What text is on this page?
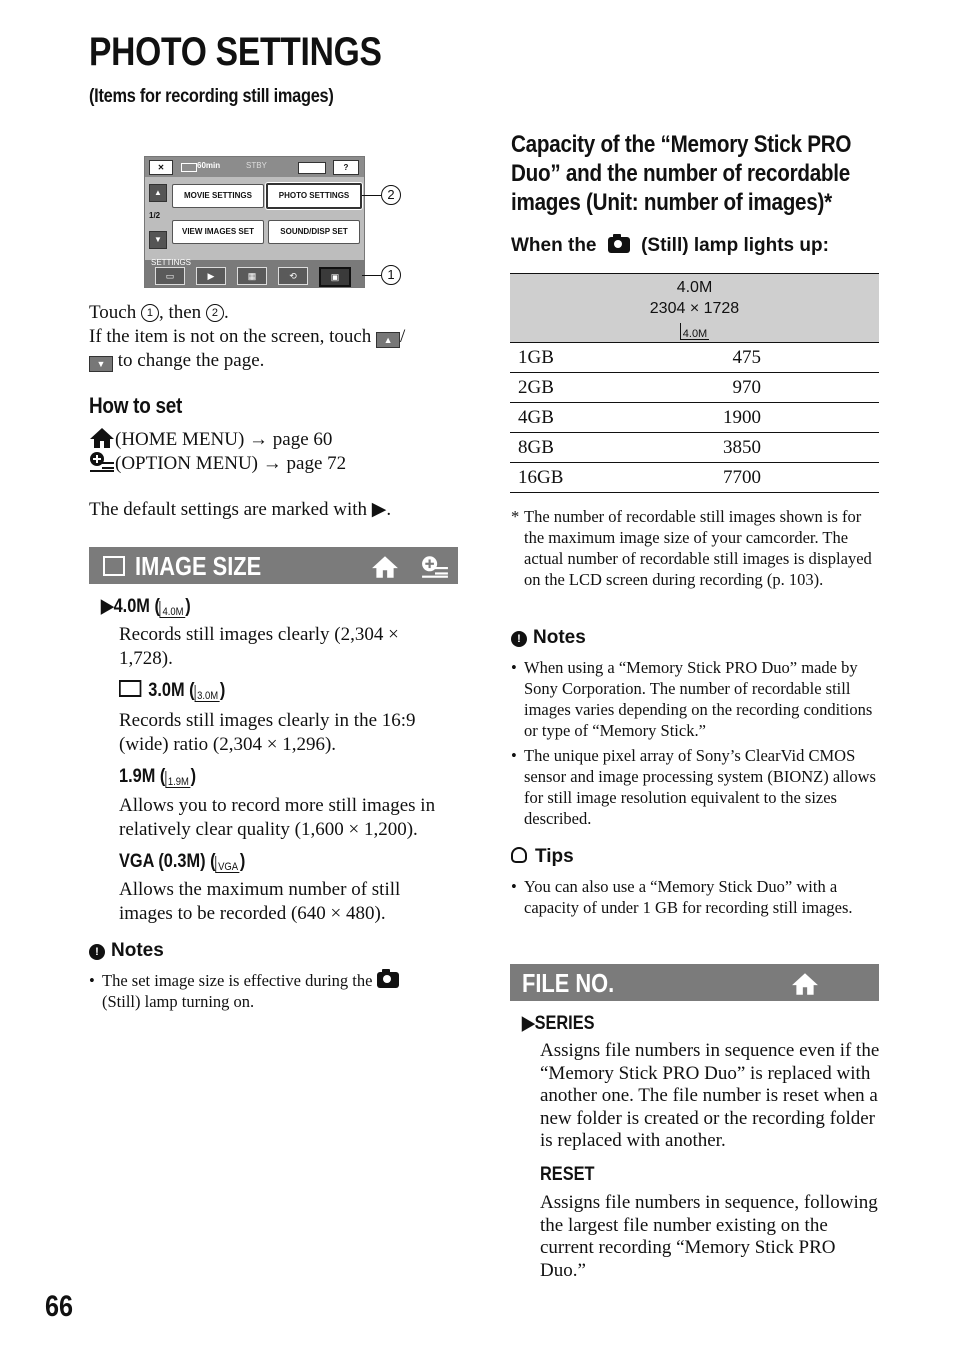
PHOTO SETTINGS
(Items for recording still images)
✕	60min	STBY	?
▲
1/2
▼
MOVIE SETTINGS	PHOTO SETTINGS
VIEW IMAGES SET	SOUND/DISP SET
SETTINGS
▭	▶	▦	⟲	▣
2
1
Touch 1 , then 2 .
If the item is not on the screen, touch ▲ /
▼ to change the page.
How to set
(HOME MENU) → page 60
(OPTION MENU) → page 72
The default settings are marked with ▶.
IMAGE SIZE
▶4.0M ( 4.0M)
Records still images clearly (2,304 × 1,728).
3.0M ( 3.0M)
Records still images clearly in the 16:9 (wide) ratio (2,304 × 1,296).
1.9M ( 1.9M)
Allows you to record more still images in relatively clear quality (1,600 × 1,200).
VGA (0.3M) ( VGA)
Allows the maximum number of still images to be recorded (640 × 480).
! Notes
• The set image size is effective during the
(Still) lamp turning on.
Capacity of the “Memory Stick PRO Duo” and the number of recordable images (Unit: number of images)*
When the (Still) lamp lights up:
4.0M
2304 × 1728
4.0M	

1GB	475
2GB	970
4GB	1900
8GB	3850
16GB	7700
* The number of recordable still images shown is for the maximum image size of your camcorder. The actual number of recordable still images is displayed on the LCD screen during recording (p. 103).
! Notes
• When using a “Memory Stick PRO Duo” made by Sony Corporation. The number of recordable still images varies depending on the recording conditions or type of “Memory Stick.”
• The unique pixel array of Sony’s ClearVid CMOS sensor and image processing system (BIONZ) allows for still image resolution equivalent to the sizes described.
Tips
• You can also use a “Memory Stick Duo” with a capacity of under 1 GB for recording still images.
FILE NO.
▶SERIES
Assigns file numbers in sequence even if the “Memory Stick PRO Duo” is replaced with another one. The file number is reset when a new folder is created or the recording folder is replaced with another.
RESET
Assigns file numbers in sequence, following the largest file number existing on the current recording “Memory Stick PRO Duo.”
66
